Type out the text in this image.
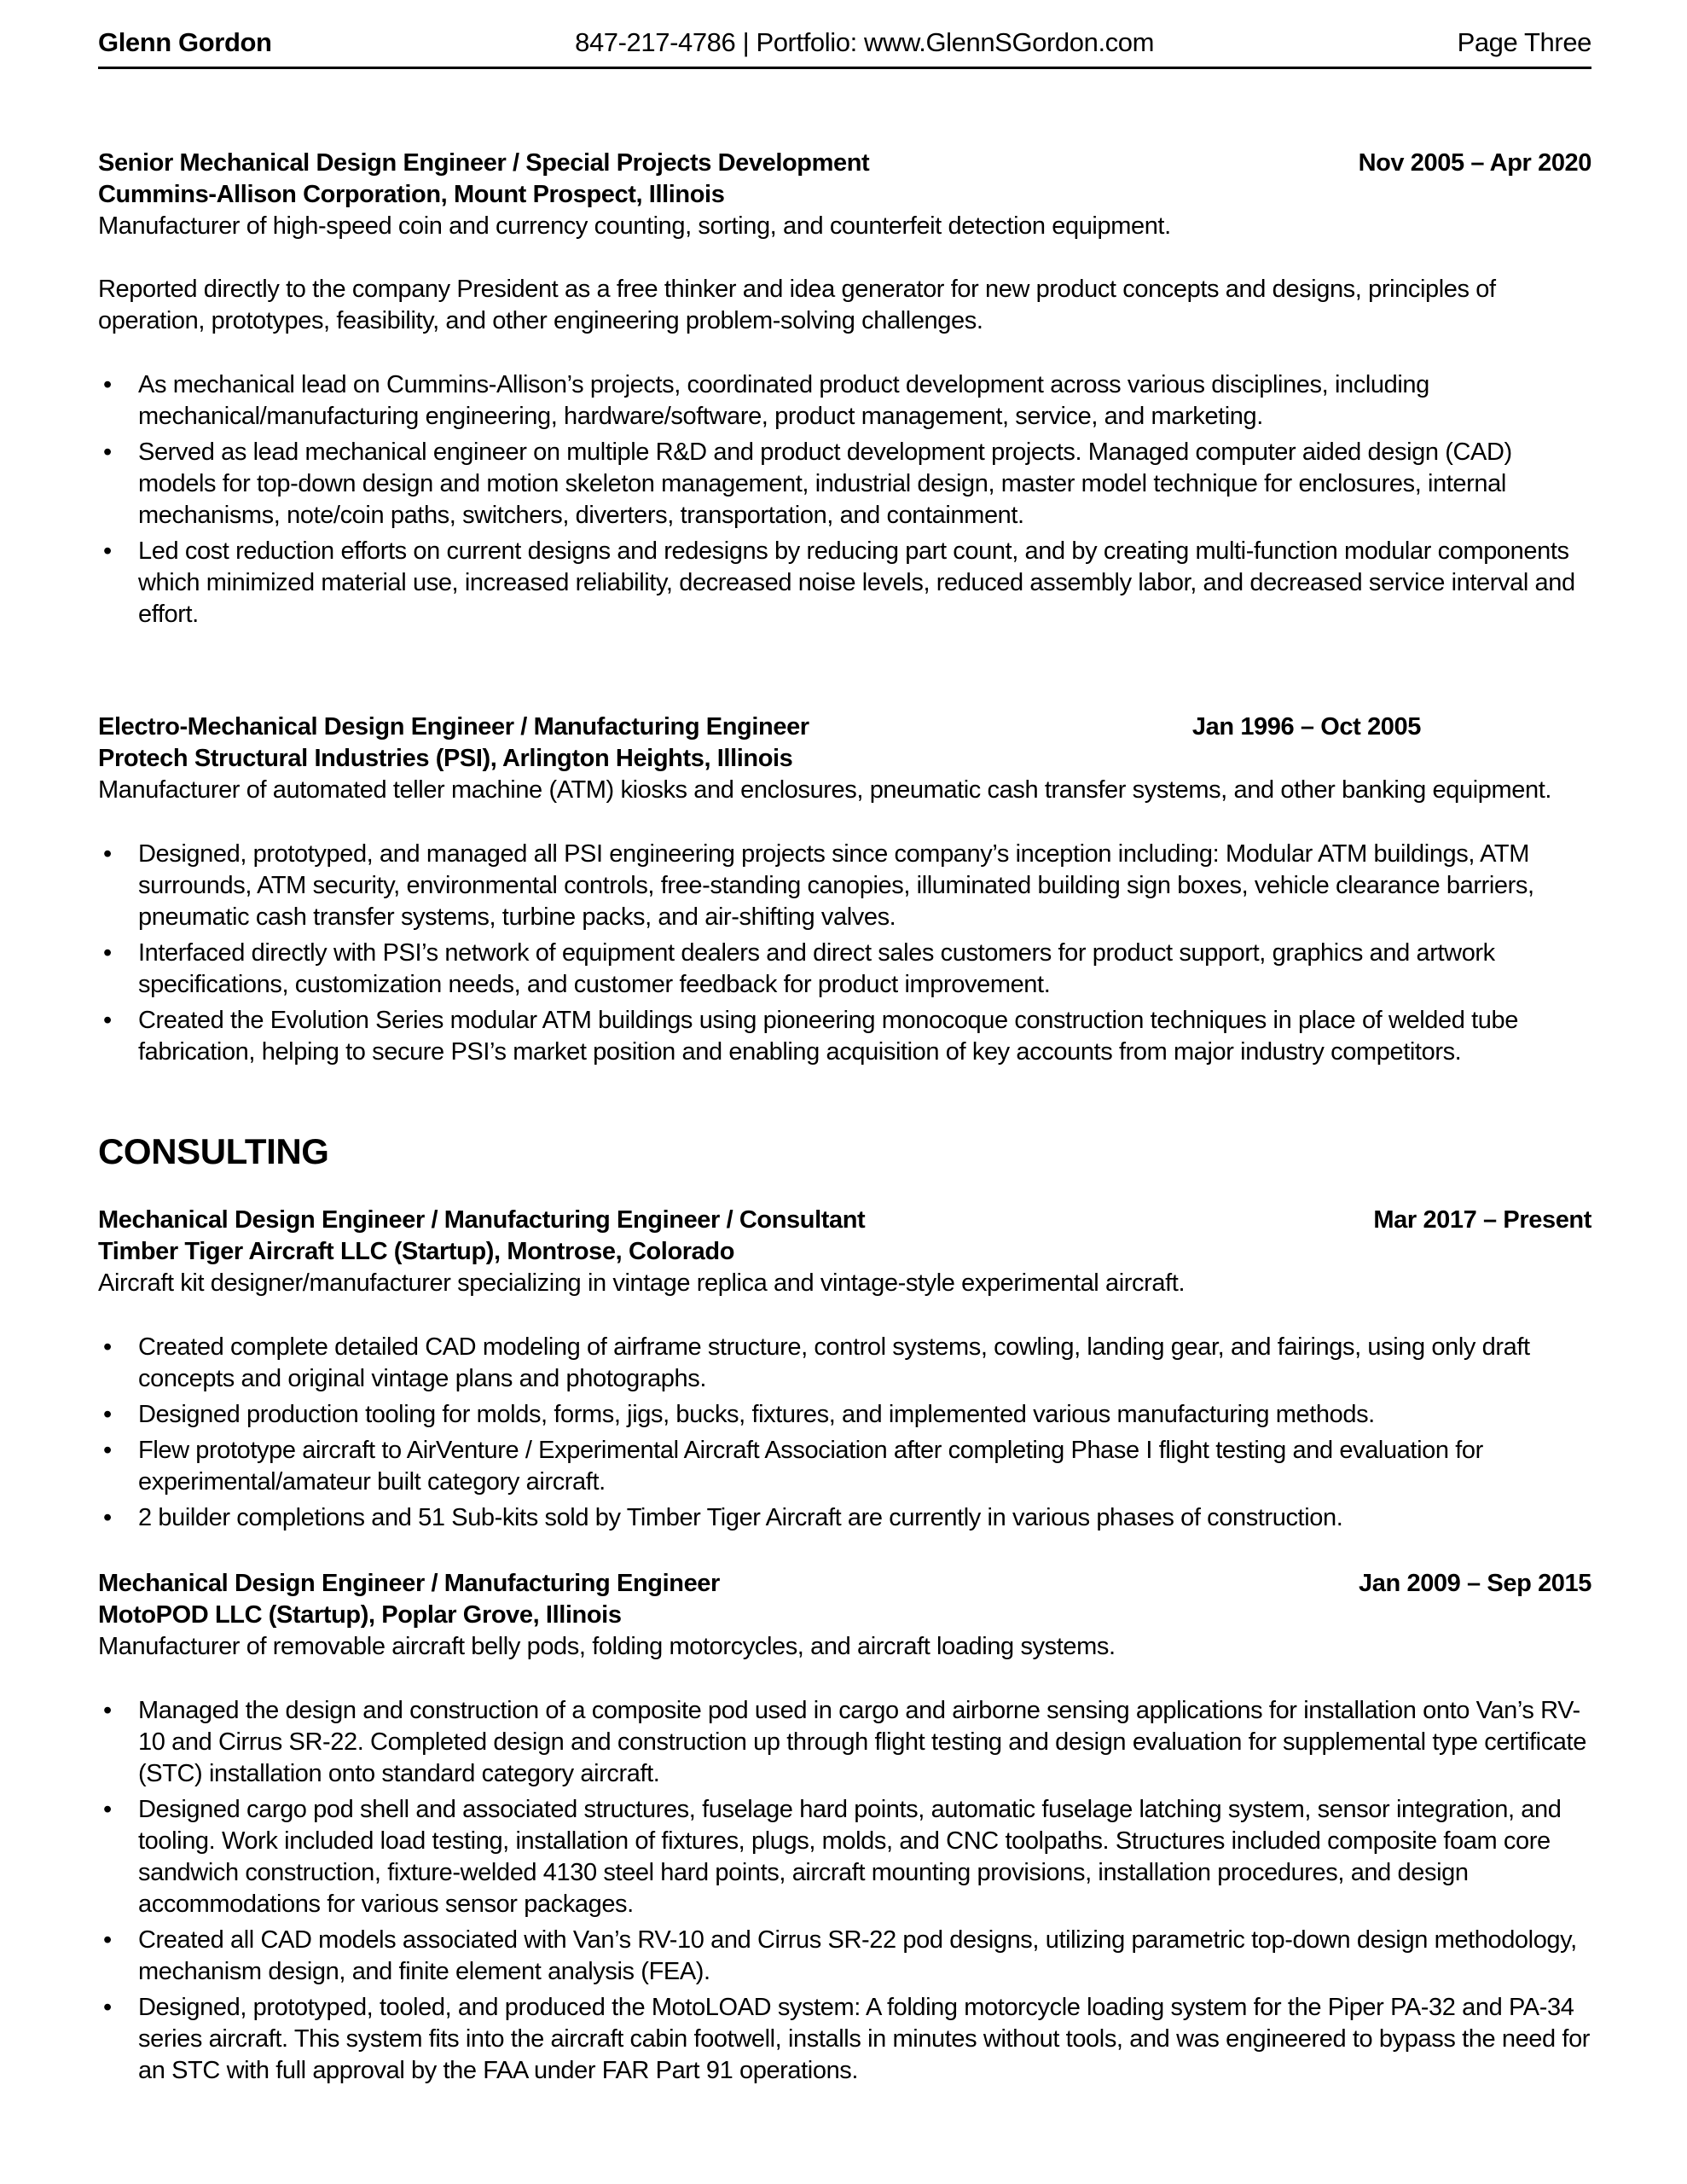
Glenn Gordon	847-217-4786 | Portfolio: www.GlennSGordon.com	Page Three
Senior Mechanical Design Engineer / Special Projects Development	Nov 2005 – Apr 2020
Cummins-Allison Corporation, Mount Prospect, Illinois
Manufacturer of high-speed coin and currency counting, sorting, and counterfeit detection equipment.

Reported directly to the company President as a free thinker and idea generator for new product concepts and designs, principles of operation, prototypes, feasibility, and other engineering problem-solving challenges.

• As mechanical lead on Cummins-Allison’s projects, coordinated product development across various disciplines, including mechanical/manufacturing engineering, hardware/software, product management, service, and marketing.
• Served as lead mechanical engineer on multiple R&D and product development projects. Managed computer aided design (CAD) models for top-down design and motion skeleton management, industrial design, master model technique for enclosures, internal mechanisms, note/coin paths, switchers, diverters, transportation, and containment.
• Led cost reduction efforts on current designs and redesigns by reducing part count, and by creating multi-function modular components which minimized material use, increased reliability, decreased noise levels, reduced assembly labor, and decreased service interval and effort.
Electro-Mechanical Design Engineer / Manufacturing Engineer	Jan 1996 – Oct 2005
Protech Structural Industries (PSI), Arlington Heights, Illinois
Manufacturer of automated teller machine (ATM) kiosks and enclosures, pneumatic cash transfer systems, and other banking equipment.
• Designed, prototyped, and managed all PSI engineering projects since company’s inception including: Modular ATM buildings, ATM surrounds, ATM security, environmental controls, free-standing canopies, illuminated building sign boxes, vehicle clearance barriers, pneumatic cash transfer systems, turbine packs, and air-shifting valves.
• Interfaced directly with PSI’s network of equipment dealers and direct sales customers for product support, graphics and artwork specifications, customization needs, and customer feedback for product improvement.
• Created the Evolution Series modular ATM buildings using pioneering monocoque construction techniques in place of welded tube fabrication, helping to secure PSI’s market position and enabling acquisition of key accounts from major industry competitors.
CONSULTING
Mechanical Design Engineer / Manufacturing Engineer / Consultant	Mar 2017 – Present
Timber Tiger Aircraft LLC (Startup), Montrose, Colorado
Aircraft kit designer/manufacturer specializing in vintage replica and vintage-style experimental aircraft.
• Created complete detailed CAD modeling of airframe structure, control systems, cowling, landing gear, and fairings, using only draft concepts and original vintage plans and photographs.
• Designed production tooling for molds, forms, jigs, bucks, fixtures, and implemented various manufacturing methods.
• Flew prototype aircraft to AirVenture / Experimental Aircraft Association after completing Phase I flight testing and evaluation for experimental/amateur built category aircraft.
• 2 builder completions and 51 Sub-kits sold by Timber Tiger Aircraft are currently in various phases of construction.
Mechanical Design Engineer / Manufacturing Engineer	Jan 2009 – Sep 2015
MotoPOD LLC (Startup), Poplar Grove, Illinois
Manufacturer of removable aircraft belly pods, folding motorcycles, and aircraft loading systems.
• Managed the design and construction of a composite pod used in cargo and airborne sensing applications for installation onto Van’s RV-10 and Cirrus SR-22. Completed design and construction up through flight testing and design evaluation for supplemental type certificate (STC) installation onto standard category aircraft.
• Designed cargo pod shell and associated structures, fuselage hard points, automatic fuselage latching system, sensor integration, and tooling. Work included load testing, installation of fixtures, plugs, molds, and CNC toolpaths. Structures included composite foam core sandwich construction, fixture-welded 4130 steel hard points, aircraft mounting provisions, installation procedures, and design accommodations for various sensor packages.
• Created all CAD models associated with Van’s RV-10 and Cirrus SR-22 pod designs, utilizing parametric top-down design methodology, mechanism design, and finite element analysis (FEA).
• Designed, prototyped, tooled, and produced the MotoLOAD system: A folding motorcycle loading system for the Piper PA-32 and PA-34 series aircraft. This system fits into the aircraft cabin footwell, installs in minutes without tools, and was engineered to bypass the need for an STC with full approval by the FAA under FAR Part 91 operations.
